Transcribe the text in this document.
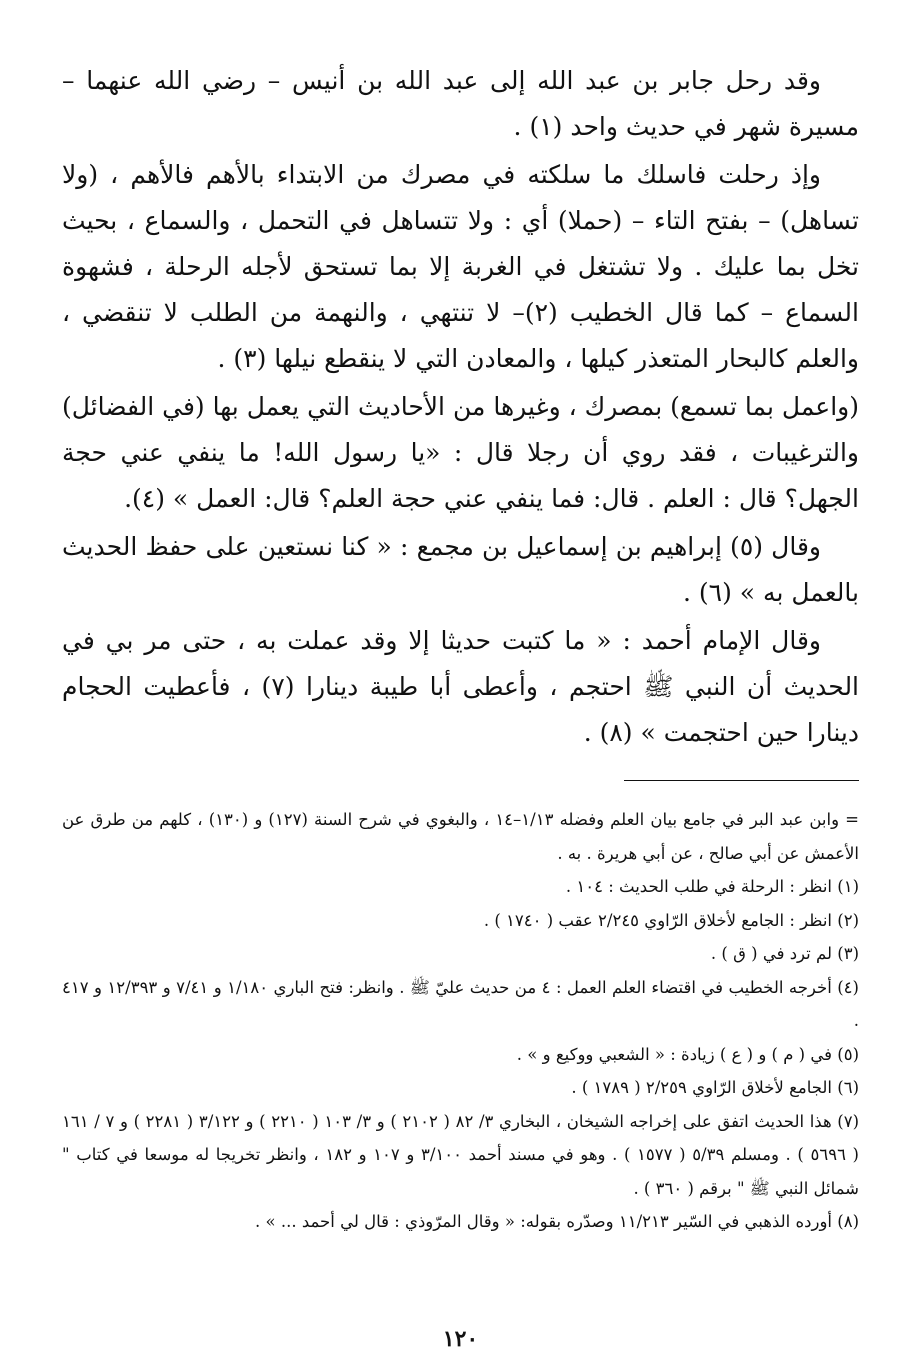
وقد رحل جابر بن عبد الله إلى عبد الله بن أنيس – رضي الله عنهما – مسيرة شهر في حديث واحد (١) .

وإذ رحلت فاسلك ما سلكته في مصرك من الابتداء بالأهم فالأهم ، (ولا تساهل) – بفتح التاء – (حملا) أي : ولا تتساهل في التحمل ، والسماع ، بحيث تخل بما عليك . ولا تشتغل في الغربة إلا بما تستحق لأجله الرحلة ، فشهوة السماع – كما قال الخطيب (٢)– لا تنتهي ، والنهمة من الطلب لا تنقضي ، والعلم كالبحار المتعذر كيلها ، والمعادن التي لا ينقطع نيلها (٣) .

(واعمل بما تسمع) بمصرك ، وغيرها من الأحاديث التي يعمل بها (في الفضائل) والترغيبات ، فقد روي أن رجلا قال : «يا رسول الله! ما ينفي عني حجة الجهل؟ قال : العلم . قال: فما ينفي عني حجة العلم؟ قال: العمل » (٤).

وقال (٥) إبراهيم بن إسماعيل بن مجمع : « كنا نستعين على حفظ الحديث بالعمل به » (٦) .

وقال الإمام أحمد : « ما كتبت حديثا إلا وقد عملت به ، حتى مر بي في الحديث أن النبي ﷺ احتجم ، وأعطى أبا طيبة دينارا (٧) ، فأعطيت الحجام دينارا حين احتجمت » (٨) .

= وابن عبد البر في جامع بيان العلم وفضله ١/١٣–١٤ ، والبغوي في شرح السنة (١٢٧) و (١٣٠) ، كلهم من طرق عن الأعمش عن أبي صالح ، عن أبي هريرة . به .

(١) انظر : الرحلة في طلب الحديث : ١٠٤ .

(٢) انظر : الجامع لأخلاق الرّاوي ٢/٢٤٥ عقب ( ١٧٤٠ ) .

(٣) لم ترد في ( ق ) .

(٤) أخرجه الخطيب في اقتضاء العلم العمل : ٤ من حديث عليّ ﷺ . وانظر: فتح الباري ١/١٨٠ و ٧/٤١ و ١٢/٣٩٣ و ٤١٧ .

(٥) في ( م ) و ( ع ) زيادة : « الشعبي ووكيع و » .

(٦) الجامع لأخلاق الرّاوي ٢/٢٥٩ ( ١٧٨٩ ) .

(٧) هذا الحديث اتفق على إخراجه الشيخان ، البخاري ٣/ ٨٢ ( ٢١٠٢ ) و ٣/ ١٠٣ ( ٢٢١٠ ) و ٣/١٢٢ ( ٢٢٨١ ) و ٧ / ١٦١ ( ٥٦٩٦ ) . ومسلم ٥/٣٩ ( ١٥٧٧ ) . وهو في مسند أحمد ٣/١٠٠ و ١٠٧ و ١٨٢ ، وانظر تخريجا له موسعا في كتاب " شمائل النبي ﷺ " برقم ( ٣٦٠ ) .

(٨) أورده الذهبي في السّير ١١/٢١٣ وصدّره بقوله: « وقال المرّوذي : قال لي أحمد ... » .

١٢٠
